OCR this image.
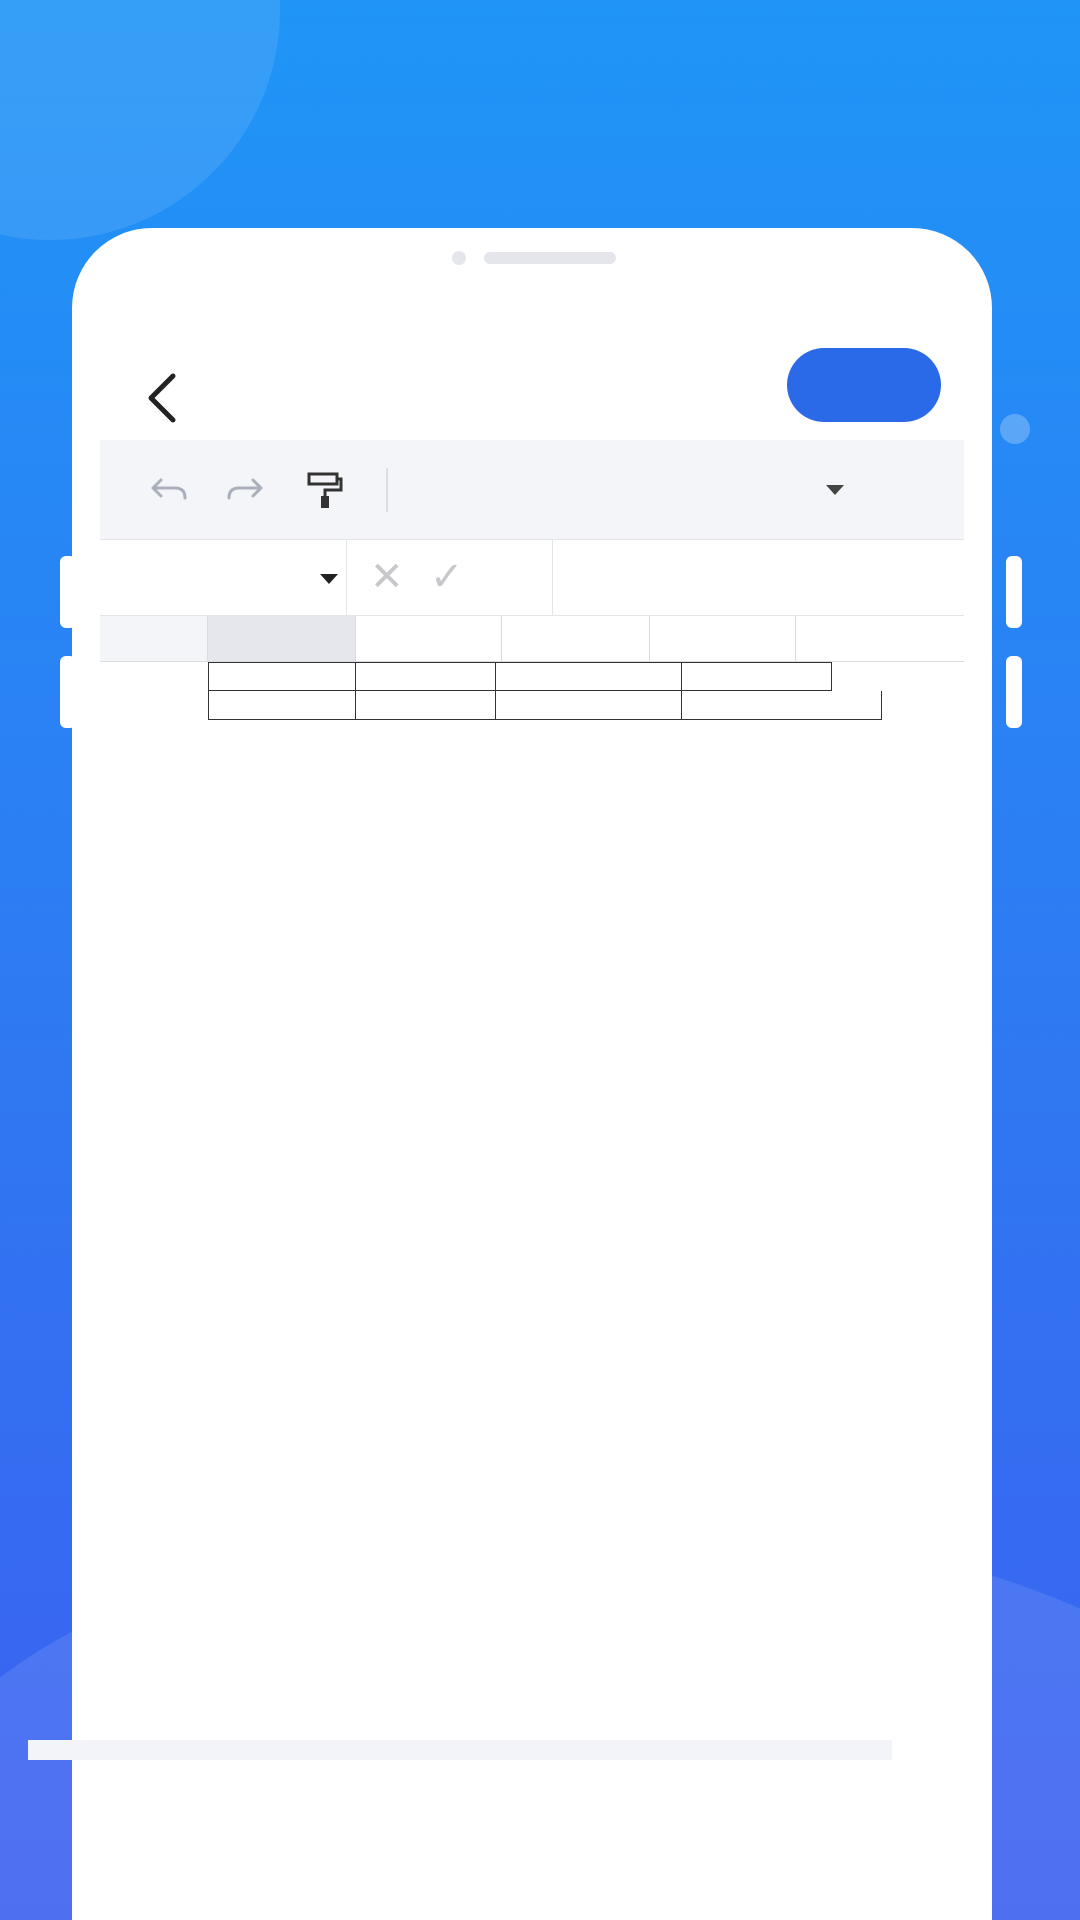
✕ ✓
